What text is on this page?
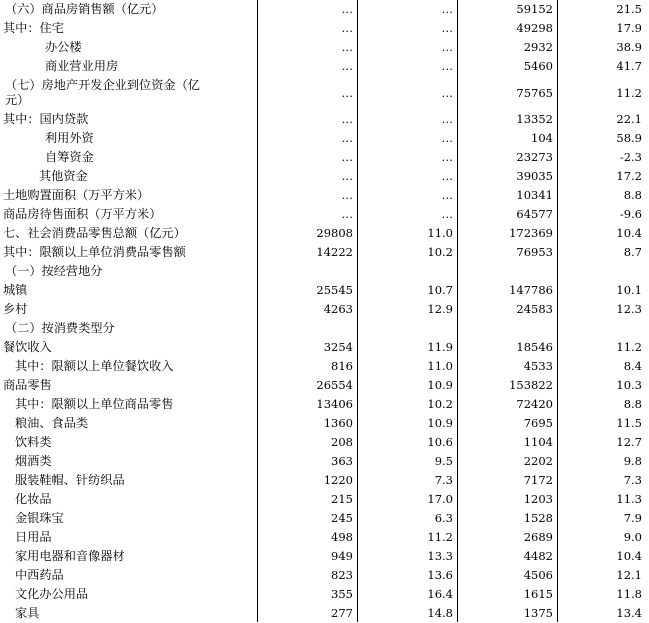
（六）商品房销售额（亿元）	…	…	59152	21.5
其中：住宅	…	…	49298	17.9
办公楼	…	…	2932	38.9
商业营业用房	…	…	5460	41.7
（七）房地产开发企业到位资金（亿元）	…	…	75765	11.2
其中：国内贷款	…	…	13352	22.1
利用外资	…	…	104	58.9
自筹资金	…	…	23273	-2.3
其他资金	…	…	39035	17.2
土地购置面积（万平方米）	…	…	10341	8.8
商品房待售面积（万平方米）	…	…	64577	-9.6
七、社会消费品零售总额（亿元）	29808	11.0	172369	10.4
其中：限额以上单位消费品零售额	14222	10.2	76953	8.7
（一）按经营地分
城镇	25545	10.7	147786	10.1
乡村	4263	12.9	24583	12.3
（二）按消费类型分
餐饮收入	3254	11.9	18546	11.2
其中：限额以上单位餐饮收入	816	11.0	4533	8.4
商品零售	26554	10.9	153822	10.3
其中：限额以上单位商品零售	13406	10.2	72420	8.8
粮油、食品类	1360	10.9	7695	11.5
饮料类	208	10.6	1104	12.7
烟酒类	363	9.5	2202	9.8
服装鞋帽、针纺织品	1220	7.3	7172	7.3
化妆品	215	17.0	1203	11.3
金银珠宝	245	6.3	1528	7.9
日用品	498	11.2	2689	9.0
家用电器和音像器材	949	13.3	4482	10.4
中西药品	823	13.6	4506	12.1
文化办公用品	355	16.4	1615	11.8
家具	277	14.8	1375	13.4
